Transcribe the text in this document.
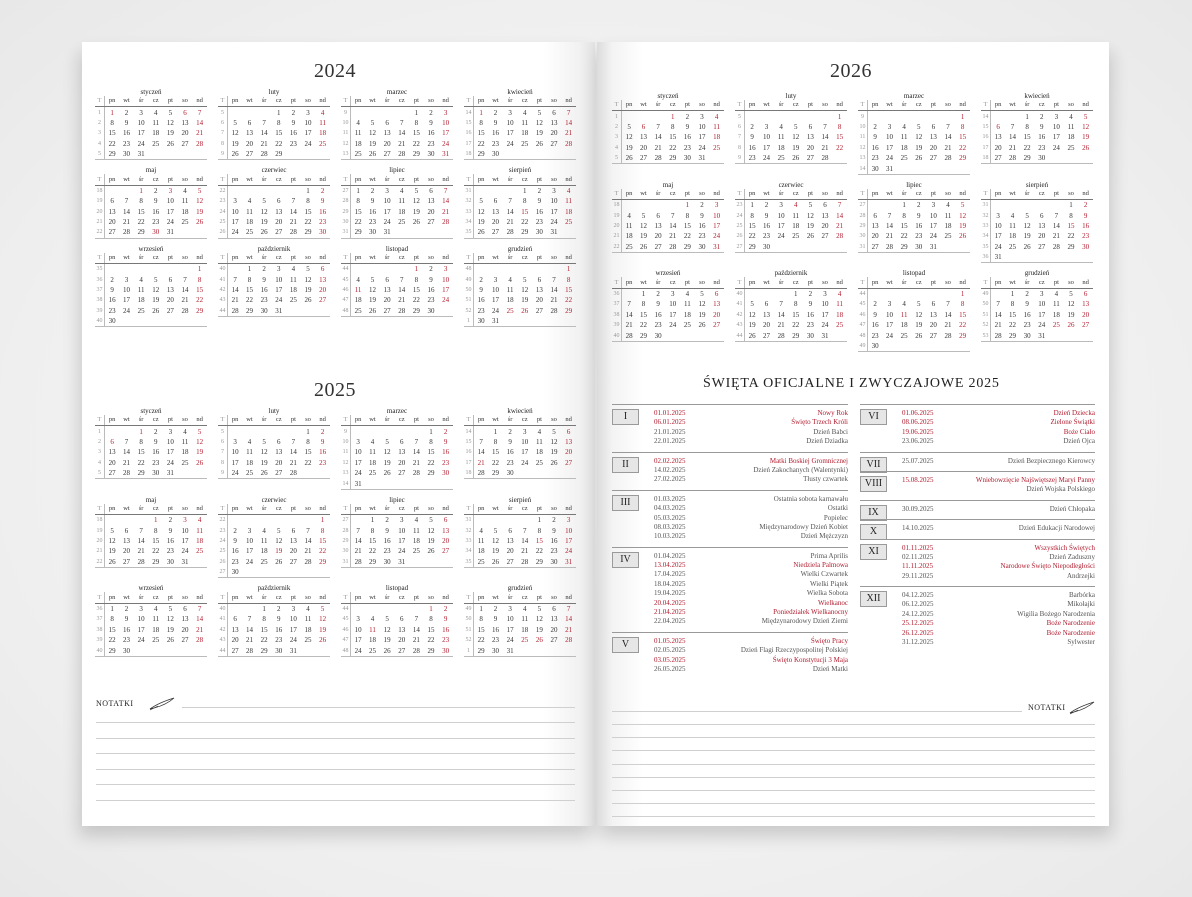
2024
styczeń
T	pn	wt	śr	cz	pt	so	nd
1	1	2	3	4	5	6	7
2	8	9	10	11	12	13	14
3	15	16	17	18	19	20	21
4	22	23	24	25	26	27	28
5	29	30	31				
luty
T	pn	wt	śr	cz	pt	so	nd
5				1	2	3	4
6	5	6	7	8	9	10	11
7	12	13	14	15	16	17	18
8	19	20	21	22	23	24	25
9	26	27	28	29			
marzec
T	pn	wt	śr	cz	pt	so	nd
9					1	2	3
10	4	5	6	7	8	9	10
11	11	12	13	14	15	16	17
12	18	19	20	21	22	23	24
13	25	26	27	28	29	30	31
kwiecień
T	pn	wt	śr	cz	pt	so	nd
14	1	2	3	4	5	6	7
15	8	9	10	11	12	13	14
16	15	16	17	18	19	20	21
17	22	23	24	25	26	27	28
18	29	30					
maj
T	pn	wt	śr	cz	pt	so	nd
18			1	2	3	4	5
19	6	7	8	9	10	11	12
20	13	14	15	16	17	18	19
21	20	21	22	23	24	25	26
22	27	28	29	30	31		
czerwiec
T	pn	wt	śr	cz	pt	so	nd
22						1	2
23	3	4	5	6	7	8	9
24	10	11	12	13	14	15	16
25	17	18	19	20	21	22	23
26	24	25	26	27	28	29	30
lipiec
T	pn	wt	śr	cz	pt	so	nd
27	1	2	3	4	5	6	7
28	8	9	10	11	12	13	14
29	15	16	17	18	19	20	21
30	22	23	24	25	26	27	28
31	29	30	31				
sierpień
T	pn	wt	śr	cz	pt	so	nd
31				1	2	3	4
32	5	6	7	8	9	10	11
33	12	13	14	15	16	17	18
34	19	20	21	22	23	24	25
35	26	27	28	29	30	31	
wrzesień
T	pn	wt	śr	cz	pt	so	nd
35							1
36	2	3	4	5	6	7	8
37	9	10	11	12	13	14	15
38	16	17	18	19	20	21	22
39	23	24	25	26	27	28	29
40	30						
październik
T	pn	wt	śr	cz	pt	so	nd
40		1	2	3	4	5	6
41	7	8	9	10	11	12	13
42	14	15	16	17	18	19	20
43	21	22	23	24	25	26	27
44	28	29	30	31			
listopad
T	pn	wt	śr	cz	pt	so	nd
44					1	2	3
45	4	5	6	7	8	9	10
46	11	12	13	14	15	16	17
47	18	19	20	21	22	23	24
48	25	26	27	28	29	30	
grudzień
T	pn	wt	śr	cz	pt	so	nd
48							1
49	2	3	4	5	6	7	8
50	9	10	11	12	13	14	15
51	16	17	18	19	20	21	22
52	23	24	25	26	27	28	29
1	30	31					
2025
styczeń
T	pn	wt	śr	cz	pt	so	nd
1			1	2	3	4	5
2	6	7	8	9	10	11	12
3	13	14	15	16	17	18	19
4	20	21	22	23	24	25	26
5	27	28	29	30	31		
luty
T	pn	wt	śr	cz	pt	so	nd
5						1	2
6	3	4	5	6	7	8	9
7	10	11	12	13	14	15	16
8	17	18	19	20	21	22	23
9	24	25	26	27	28		
marzec
T	pn	wt	śr	cz	pt	so	nd
9						1	2
10	3	4	5	6	7	8	9
11	10	11	12	13	14	15	16
12	17	18	19	20	21	22	23
13	24	25	26	27	28	29	30
14	31						
kwiecień
T	pn	wt	śr	cz	pt	so	nd
14		1	2	3	4	5	6
15	7	8	9	10	11	12	13
16	14	15	16	17	18	19	20
17	21	22	23	24	25	26	27
18	28	29	30				
maj
T	pn	wt	śr	cz	pt	so	nd
18				1	2	3	4
19	5	6	7	8	9	10	11
20	12	13	14	15	16	17	18
21	19	20	21	22	23	24	25
22	26	27	28	29	30	31	
czerwiec
T	pn	wt	śr	cz	pt	so	nd
22							1
23	2	3	4	5	6	7	8
24	9	10	11	12	13	14	15
25	16	17	18	19	20	21	22
26	23	24	25	26	27	28	29
27	30						
lipiec
T	pn	wt	śr	cz	pt	so	nd
27		1	2	3	4	5	6
28	7	8	9	10	11	12	13
29	14	15	16	17	18	19	20
30	21	22	23	24	25	26	27
31	28	29	30	31			
sierpień
T	pn	wt	śr	cz	pt	so	nd
31					1	2	3
32	4	5	6	7	8	9	10
33	11	12	13	14	15	16	17
34	18	19	20	21	22	23	24
35	25	26	27	28	29	30	31
wrzesień
T	pn	wt	śr	cz	pt	so	nd
36	1	2	3	4	5	6	7
37	8	9	10	11	12	13	14
38	15	16	17	18	19	20	21
39	22	23	24	25	26	27	28
40	29	30					
październik
T	pn	wt	śr	cz	pt	so	nd
40			1	2	3	4	5
41	6	7	8	9	10	11	12
42	13	14	15	16	17	18	19
43	20	21	22	23	24	25	26
44	27	28	29	30	31		
listopad
T	pn	wt	śr	cz	pt	so	nd
44						1	2
45	3	4	5	6	7	8	9
46	10	11	12	13	14	15	16
47	17	18	19	20	21	22	23
48	24	25	26	27	28	29	30
grudzień
T	pn	wt	śr	cz	pt	so	nd
49	1	2	3	4	5	6	7
50	8	9	10	11	12	13	14
51	15	16	17	18	19	20	21
52	22	23	24	25	26	27	28
1	29	30	31				
2026
styczeń
T	pn	wt	śr	cz	pt	so	nd
1				1	2	3	4
2	5	6	7	8	9	10	11
3	12	13	14	15	16	17	18
4	19	20	21	22	23	24	25
5	26	27	28	29	30	31	
luty
T	pn	wt	śr	cz	pt	so	nd
5							1
6	2	3	4	5	6	7	8
7	9	10	11	12	13	14	15
8	16	17	18	19	20	21	22
9	23	24	25	26	27	28	
marzec
T	pn	wt	śr	cz	pt	so	nd
9							1
10	2	3	4	5	6	7	8
11	9	10	11	12	13	14	15
12	16	17	18	19	20	21	22
13	23	24	25	26	27	28	29
14	30	31					
kwiecień
T	pn	wt	śr	cz	pt	so	nd
14			1	2	3	4	5
15	6	7	8	9	10	11	12
16	13	14	15	16	17	18	19
17	20	21	22	23	24	25	26
18	27	28	29	30			
maj
T	pn	wt	śr	cz	pt	so	nd
18					1	2	3
19	4	5	6	7	8	9	10
20	11	12	13	14	15	16	17
21	18	19	20	21	22	23	24
22	25	26	27	28	29	30	31
czerwiec
T	pn	wt	śr	cz	pt	so	nd
23	1	2	3	4	5	6	7
24	8	9	10	11	12	13	14
25	15	16	17	18	19	20	21
26	22	23	24	25	26	27	28
27	29	30					
lipiec
T	pn	wt	śr	cz	pt	so	nd
27			1	2	3	4	5
28	6	7	8	9	10	11	12
29	13	14	15	16	17	18	19
30	20	21	22	23	24	25	26
31	27	28	29	30	31		
sierpień
T	pn	wt	śr	cz	pt	so	nd
31						1	2
32	3	4	5	6	7	8	9
33	10	11	12	13	14	15	16
34	17	18	19	20	21	22	23
35	24	25	26	27	28	29	30
36	31						
wrzesień
T	pn	wt	śr	cz	pt	so	nd
36		1	2	3	4	5	6
37	7	8	9	10	11	12	13
38	14	15	16	17	18	19	20
39	21	22	23	24	25	26	27
40	28	29	30				
październik
T	pn	wt	śr	cz	pt	so	nd
40				1	2	3	4
41	5	6	7	8	9	10	11
42	12	13	14	15	16	17	18
43	19	20	21	22	23	24	25
44	26	27	28	29	30	31	
listopad
T	pn	wt	śr	cz	pt	so	nd
44							1
45	2	3	4	5	6	7	8
46	9	10	11	12	13	14	15
47	16	17	18	19	20	21	22
48	23	24	25	26	27	28	29
49	30						
grudzień
T	pn	wt	śr	cz	pt	so	nd
49		1	2	3	4	5	6
50	7	8	9	10	11	12	13
51	14	15	16	17	18	19	20
52	21	22	23	24	25	26	27
53	28	29	30	31			
NOTATKI
ŚWIĘTA OFICJALNE I ZWYCZAJOWE 2025
I	01.01.2025	Nowy Rok
06.01.2025	Święto Trzech Króli
21.01.2025	Dzień Babci
22.01.2025	Dzień Dziadka
II	02.02.2025	Matki Boskiej Gromnicznej
14.02.2025	Dzień Zakochanych (Walentynki)
27.02.2025	Tłusty czwartek
III	01.03.2025	Ostatnia sobota karnawału
04.03.2025	Ostatki
05.03.2025	Popielec
08.03.2025	Międzynarodowy Dzień Kobiet
10.03.2025	Dzień Mężczyzn
IV	01.04.2025	Prima Aprilis
13.04.2025	Niedziela Palmowa
17.04.2025	Wielki Czwartek
18.04.2025	Wielki Piątek
19.04.2025	Wielka Sobota
20.04.2025	Wielkanoc
21.04.2025	Poniedziałek Wielkanocny
22.04.2025	Międzynarodowy Dzień Ziemi
V	01.05.2025	Święto Pracy
02.05.2025	Dzień Flagi Rzeczypospolitej Polskiej
03.05.2025	Święto Konstytucji 3 Maja
26.05.2025	Dzień Matki
VI	01.06.2025	Dzień Dziecka
08.06.2025	Zielone Świątki
19.06.2025	Boże Ciało
23.06.2025	Dzień Ojca
VII	25.07.2025	Dzień Bezpiecznego Kierowcy
VIII	15.08.2025	Wniebowzięcie Najświętszej Maryi Panny
Dzień Wojska Polskiego
IX	30.09.2025	Dzień Chłopaka
X	14.10.2025	Dzień Edukacji Narodowej
XI	01.11.2025	Wszystkich Świętych
02.11.2025	Dzień Zaduszny
11.11.2025	Narodowe Święto Niepodległości
29.11.2025	Andrzejki
XII	04.12.2025	Barbórka
06.12.2025	Mikołajki
24.12.2025	Wigilia Bożego Narodzenia
25.12.2025	Boże Narodzenie
26.12.2025	Boże Narodzenie
31.12.2025	Sylwester
NOTATKI
